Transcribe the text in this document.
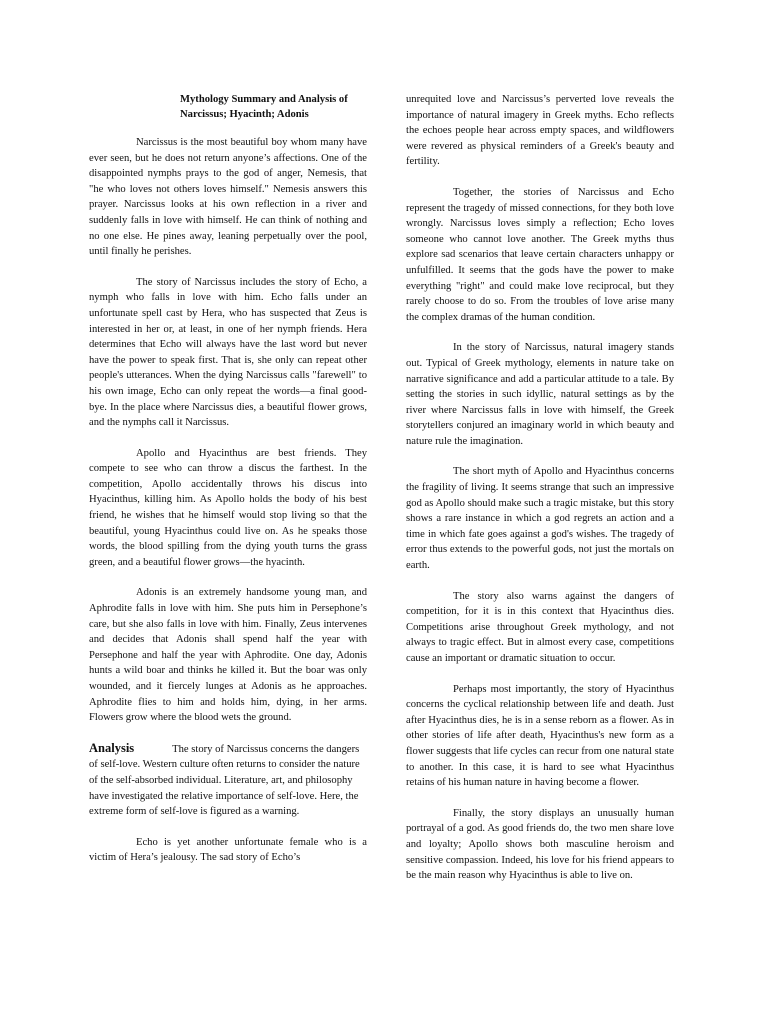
Mythology Summary and Analysis of Narcissus; Hyacinth; Adonis

Narcissus is the most beautiful boy whom many have ever seen, but he does not return anyone’s affections. One of the disappointed nymphs prays to the god of anger, Nemesis, that "he who loves not others loves himself." Nemesis answers this prayer. Narcissus looks at his own reflection in a river and suddenly falls in love with himself. He can think of nothing and no one else. He pines away, leaning perpetually over the pool, until finally he perishes.

The story of Narcissus includes the story of Echo, a nymph who falls in love with him. Echo falls under an unfortunate spell cast by Hera, who has suspected that Zeus is interested in her or, at least, in one of her nymph friends. Hera determines that Echo will always have the last word but never have the power to speak first. That is, she only can repeat other people's utterances. When the dying Narcissus calls "farewell" to his own image, Echo can only repeat the words—a final good-bye. In the place where Narcissus dies, a beautiful flower grows, and the nymphs call it Narcissus.

Apollo and Hyacinthus are best friends. They compete to see who can throw a discus the farthest. In the competition, Apollo accidentally throws his discus into Hyacinthus, killing him. As Apollo holds the body of his best friend, he wishes that he himself would stop living so that the beautiful, young Hyacinthus could live on. As he speaks those words, the blood spilling from the dying youth turns the grass green, and a beautiful flower grows—the hyacinth.

Adonis is an extremely handsome young man, and Aphrodite falls in love with him. She puts him in Persephone’s care, but she also falls in love with him. Finally, Zeus intervenes and decides that Adonis shall spend half the year with Persephone and half the year with Aphrodite. One day, Adonis hunts a wild boar and thinks he killed it. But the boar was only wounded, and it fiercely lunges at Adonis as he approaches. Aphrodite flies to him and holds him, dying, in her arms. Flowers grow where the blood wets the ground.

Analysis	The story of Narcissus concerns the dangers of self-love. Western culture often returns to consider the nature of the self-absorbed individual. Literature, art, and philosophy have investigated the relative importance of self-love. Here, the extreme form of self-love is figured as a warning.

Echo is yet another unfortunate female who is a victim of Hera’s jealousy. The sad story of Echo’s

unrequited love and Narcissus’s perverted love reveals the importance of natural imagery in Greek myths. Echo reflects the echoes people hear across empty spaces, and wildflowers were revered as physical reminders of a Greek's beauty and fertility.

Together, the stories of Narcissus and Echo represent the tragedy of missed connections, for they both love wrongly. Narcissus loves simply a reflection; Echo loves someone who cannot love another. The Greek myths thus explore sad scenarios that leave certain characters unhappy or unfulfilled. It seems that the gods have the power to make everything "right" and could make love reciprocal, but they rarely choose to do so. From the troubles of love arise many the complex dramas of the human condition.

In the story of Narcissus, natural imagery stands out. Typical of Greek mythology, elements in nature take on narrative significance and add a particular attitude to a tale. By setting the stories in such idyllic, natural settings as by the river where Narcissus falls in love with himself, the Greek storytellers conjured an imaginary world in which beauty and nature rule the imagination.

The short myth of Apollo and Hyacinthus concerns the fragility of living. It seems strange that such an impressive god as Apollo should make such a tragic mistake, but this story shows a rare instance in which a god regrets an action and a time in which fate goes against a god's wishes. The tragedy of error thus extends to the powerful gods, not just the mortals on earth.

The story also warns against the dangers of competition, for it is in this context that Hyacinthus dies. Competitions arise throughout Greek mythology, and not always to tragic effect. But in almost every case, competitions cause an important or dramatic situation to occur.

Perhaps most importantly, the story of Hyacinthus concerns the cyclical relationship between life and death. Just after Hyacinthus dies, he is in a sense reborn as a flower. As in other stories of life after death, Hyacinthus's new form as a flower suggests that life cycles can recur from one natural state to another. In this case, it is hard to see what Hyacinthus retains of his human nature in having become a flower.

Finally, the story displays an unusually human portrayal of a god. As good friends do, the two men share love and loyalty; Apollo shows both masculine heroism and sensitive compassion. Indeed, his love for his friend appears to be the main reason why Hyacinthus is able to live on.
